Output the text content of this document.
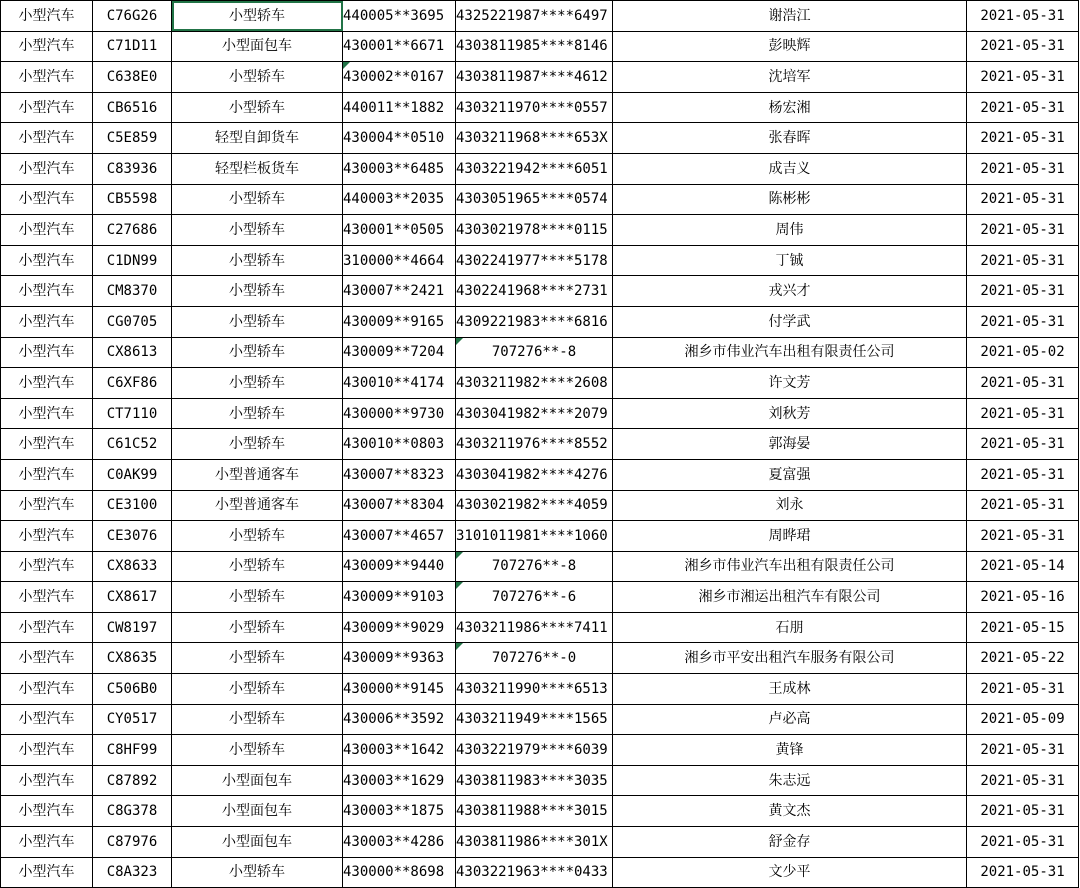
小型汽车	C76G26	小型轿车	440005**3695	4325221987****6497	谢浩江	2021-05-31
小型汽车	C71D11	小型面包车	430001**6671	4303811985****8146	彭映辉	2021-05-31
小型汽车	C638E0	小型轿车	430002**0167	4303811987****4612	沈培军	2021-05-31
小型汽车	CB6516	小型轿车	440011**1882	4303211970****0557	杨宏湘	2021-05-31
小型汽车	C5E859	轻型自卸货车	430004**0510	4303211968****653X	张春晖	2021-05-31
小型汽车	C83936	轻型栏板货车	430003**6485	4303221942****6051	成吉义	2021-05-31
小型汽车	CB5598	小型轿车	440003**2035	4303051965****0574	陈彬彬	2021-05-31
小型汽车	C27686	小型轿车	430001**0505	4303021978****0115	周伟	2021-05-31
小型汽车	C1DN99	小型轿车	310000**4664	4302241977****5178	丁铖	2021-05-31
小型汽车	CM8370	小型轿车	430007**2421	4302241968****2731	戎兴才	2021-05-31
小型汽车	CG0705	小型轿车	430009**9165	4309221983****6816	付学武	2021-05-31
小型汽车	CX8613	小型轿车	430009**7204	707276**-8	湘乡市伟业汽车出租有限责任公司	2021-05-02
小型汽车	C6XF86	小型轿车	430010**4174	4303211982****2608	许文芳	2021-05-31
小型汽车	CT7110	小型轿车	430000**9730	4303041982****2079	刘秋芳	2021-05-31
小型汽车	C61C52	小型轿车	430010**0803	4303211976****8552	郭海晏	2021-05-31
小型汽车	C0AK99	小型普通客车	430007**8323	4303041982****4276	夏富强	2021-05-31
小型汽车	CE3100	小型普通客车	430007**8304	4303021982****4059	刘永	2021-05-31
小型汽车	CE3076	小型轿车	430007**4657	3101011981****1060	周晔珺	2021-05-31
小型汽车	CX8633	小型轿车	430009**9440	707276**-8	湘乡市伟业汽车出租有限责任公司	2021-05-14
小型汽车	CX8617	小型轿车	430009**9103	707276**-6	湘乡市湘运出租汽车有限公司	2021-05-16
小型汽车	CW8197	小型轿车	430009**9029	4303211986****7411	石朋	2021-05-15
小型汽车	CX8635	小型轿车	430009**9363	707276**-0	湘乡市平安出租汽车服务有限公司	2021-05-22
小型汽车	C506B0	小型轿车	430000**9145	4303211990****6513	王成林	2021-05-31
小型汽车	CY0517	小型轿车	430006**3592	4303211949****1565	卢必高	2021-05-09
小型汽车	C8HF99	小型轿车	430003**1642	4303221979****6039	黄锋	2021-05-31
小型汽车	C87892	小型面包车	430003**1629	4303811983****3035	朱志远	2021-05-31
小型汽车	C8G378	小型面包车	430003**1875	4303811988****3015	黄文杰	2021-05-31
小型汽车	C87976	小型面包车	430003**4286	4303811986****301X	舒金存	2021-05-31
小型汽车	C8A323	小型轿车	430000**8698	4303221963****0433	文少平	2021-05-31
